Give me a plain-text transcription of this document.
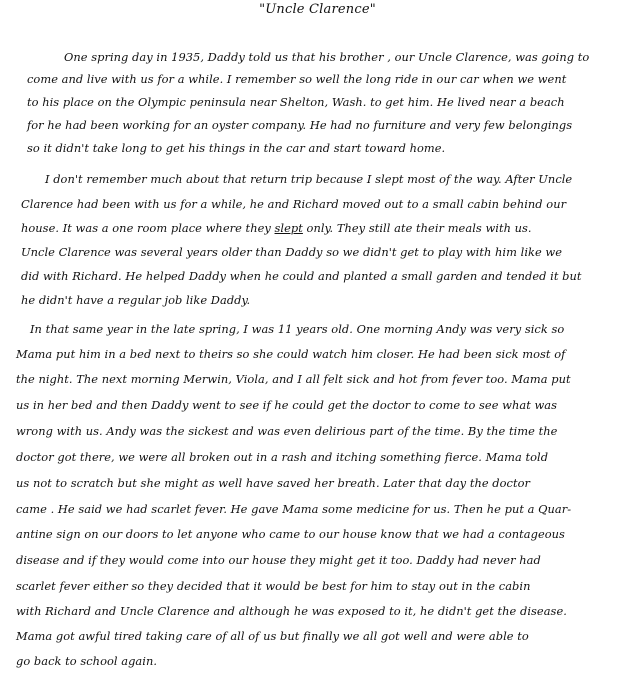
"Uncle Clarence"
One spring day in 1935, Daddy told us that his brother , our Uncle Clarence, was going to
come and live with us for a while. I remember so well the long ride in our car when we went
to his place on the Olympic peninsula near Shelton, Wash. to get him. He lived near a beach
for he had been working for an oyster company. He had no furniture and very few belongings
so it didn't take long to get his things in the car and start toward home.
I don't remember much about that return trip because I slept most of the way. After Uncle
Clarence had been with us for a while, he and Richard moved out to a small cabin behind our
house. It was a one room place where they slept only. They still ate their meals with us.
Uncle Clarence was several years older than Daddy so we didn't get to play with him like we
did with Richard. He helped Daddy when he could and planted a small garden and tended it but
he didn't have a regular job like Daddy.
In that same year in the late spring, I was 11 years old. One morning Andy was very sick so
Mama put him in a bed next to theirs so she could watch him closer. He had been sick most of
the night. The next morning Merwin, Viola, and I all felt sick and hot from fever too. Mama put
us in her bed and then Daddy went to see if he could get the doctor to come to see what was
wrong with us. Andy was the sickest and was even delirious part of the time. By the time the
doctor got there, we were all broken out in a rash and itching something fierce. Mama told
us not to scratch but she might as well have saved her breath. Later that day the doctor
came . He said we had scarlet fever. He gave Mama some medicine for us. Then he put a Quar-
antine sign on our doors to let anyone who came to our house know that we had a contageous
disease and if they would come into our house they might get it too. Daddy had never had
scarlet fever either so they decided that it would be best for him to stay out in the cabin
with Richard and Uncle Clarence and although he was exposed to it, he didn't get the disease.
Mama got awful tired taking care of all of us but finally we all got well and were able to
go back to school again.
